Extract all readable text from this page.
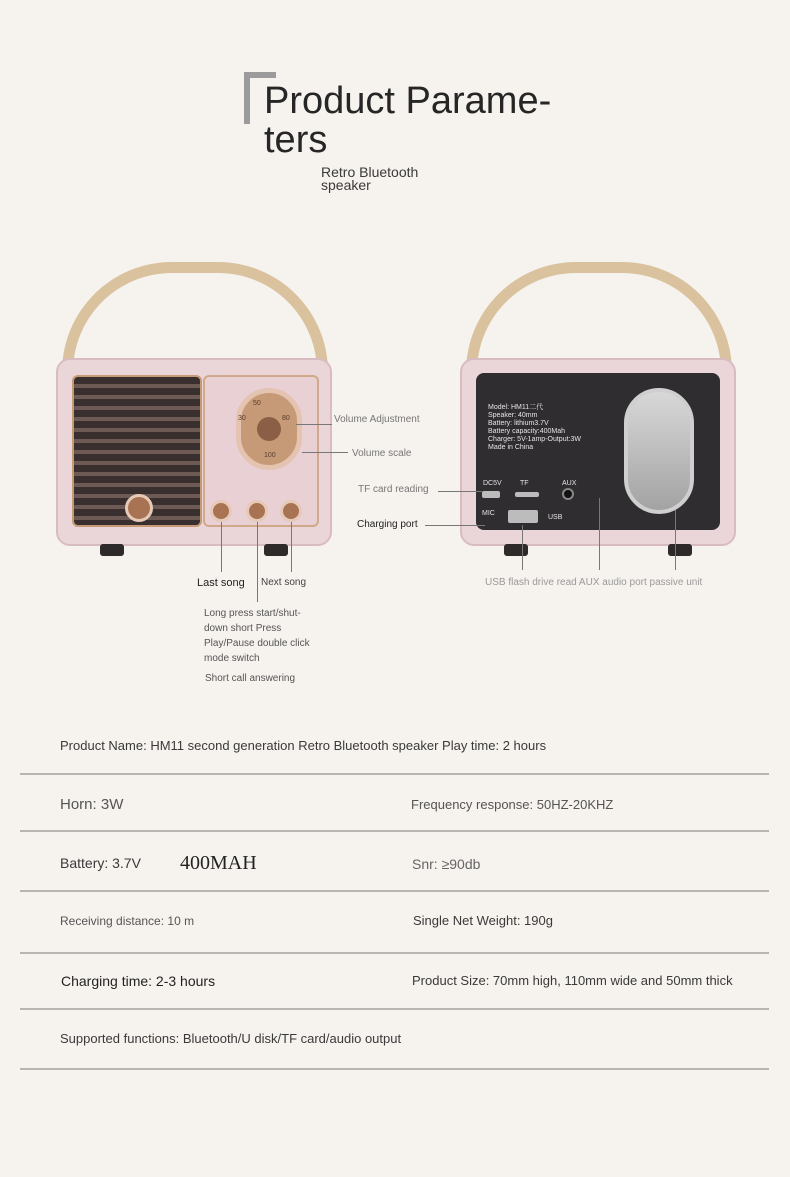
Product Parame-ters
Retro Bluetooth speaker
50
30	80
100
Volume Adjustment
Volume scale
Last song Next song
Long press start/shut-down short Press Play/Pause double click mode switch
Short call answering
Model: HM11二代
Speaker: 40mm
Battery: lithium3.7V
Battery capacity:400Mah
Charger: 5V-1amp-Output:3W
Made in China
DC5V	TF	AUX
MIC
USB
TF card reading
Charging port
USB flash drive read AUX audio port passive unit
Product Name: HM11 second generation Retro Bluetooth speaker Play time: 2 hours
Horn: 3W	Frequency response: 50HZ-20KHZ
Battery: 3.7V 400MAH	Snr: ≥90db
Receiving distance: 10 m	Single Net Weight: 190g
Charging time: 2-3 hours	Product Size: 70mm high, 110mm wide and 50mm thick
Supported functions: Bluetooth/U disk/TF card/audio output
